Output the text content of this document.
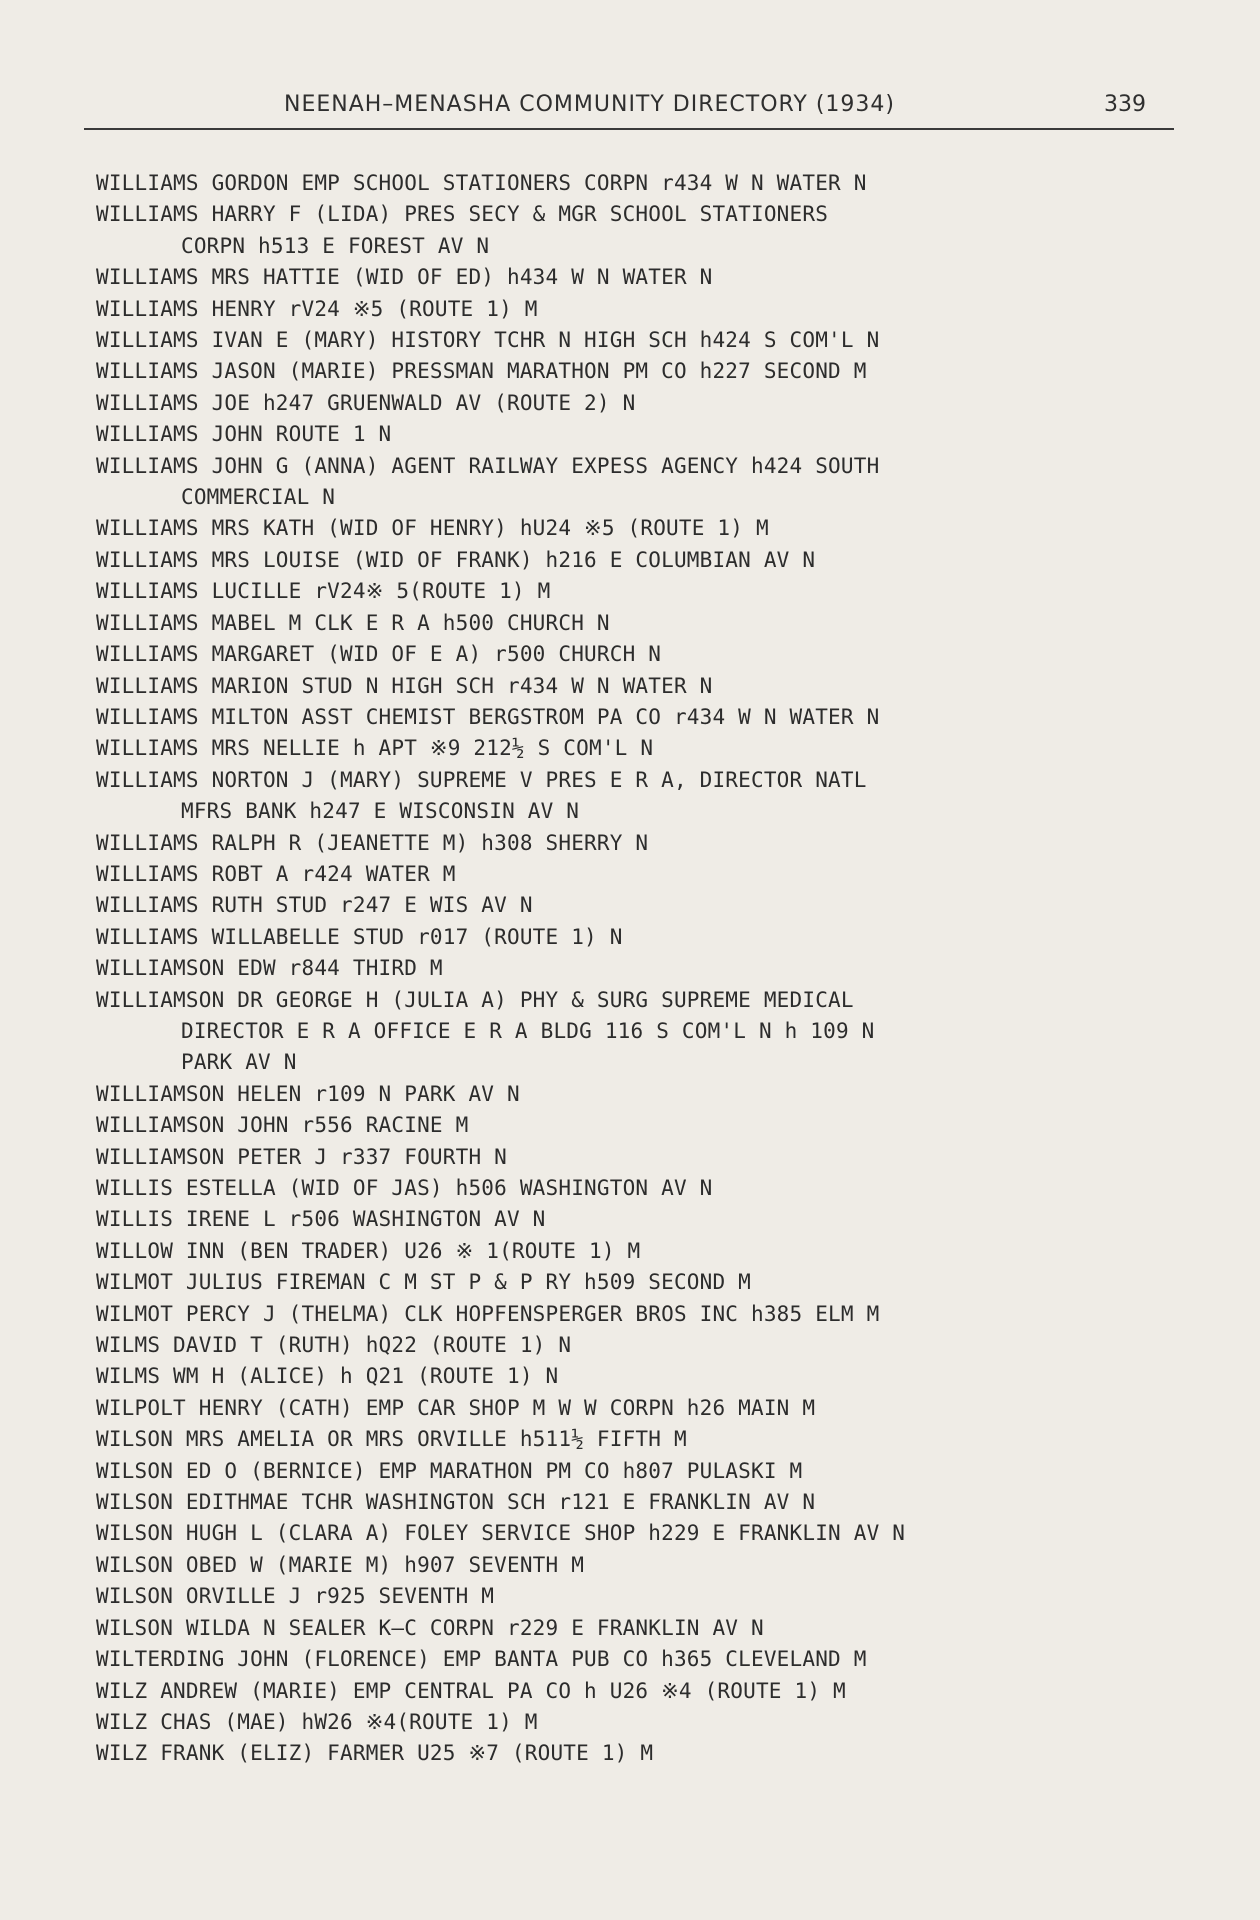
NEENAH–MENASHA COMMUNITY DIRECTORY (1934)	339
WILLIAMS GORDON EMP SCHOOL STATIONERS CORPN r434 W N WATER N
WILLIAMS HARRY F (LIDA) PRES SECY & MGR SCHOOL STATIONERS
CORPN h513 E FOREST AV N
WILLIAMS MRS HATTIE (WID OF ED) h434 W N WATER N
WILLIAMS HENRY rV24 ※5 (ROUTE 1) M
WILLIAMS IVAN E (MARY) HISTORY TCHR N HIGH SCH h424 S COM'L N
WILLIAMS JASON (MARIE) PRESSMAN MARATHON PM CO h227 SECOND M
WILLIAMS JOE h247 GRUENWALD AV (ROUTE 2) N
WILLIAMS JOHN ROUTE 1 N
WILLIAMS JOHN G (ANNA) AGENT RAILWAY EXPESS AGENCY h424 SOUTH
COMMERCIAL N
WILLIAMS MRS KATH (WID OF HENRY) hU24 ※5 (ROUTE 1) M
WILLIAMS MRS LOUISE (WID OF FRANK) h216 E COLUMBIAN AV N
WILLIAMS LUCILLE rV24※ 5(ROUTE 1) M
WILLIAMS MABEL M CLK E R A h500 CHURCH N
WILLIAMS MARGARET (WID OF E A) r500 CHURCH N
WILLIAMS MARION STUD N HIGH SCH r434 W N WATER N
WILLIAMS MILTON ASST CHEMIST BERGSTROM PA CO r434 W N WATER N
WILLIAMS MRS NELLIE h APT ※9 212½ S COM'L N
WILLIAMS NORTON J (MARY) SUPREME V PRES E R A, DIRECTOR NATL
MFRS BANK h247 E WISCONSIN AV N
WILLIAMS RALPH R (JEANETTE M) h308 SHERRY N
WILLIAMS ROBT A r424 WATER M
WILLIAMS RUTH STUD r247 E WIS AV N
WILLIAMS WILLABELLE STUD r017 (ROUTE 1) N
WILLIAMSON EDW r844 THIRD M
WILLIAMSON DR GEORGE H (JULIA A) PHY & SURG SUPREME MEDICAL
DIRECTOR E R A OFFICE E R A BLDG 116 S COM'L N h 109 N
PARK AV N
WILLIAMSON HELEN r109 N PARK AV N
WILLIAMSON JOHN r556 RACINE M
WILLIAMSON PETER J r337 FOURTH N
WILLIS ESTELLA (WID OF JAS) h506 WASHINGTON AV N
WILLIS IRENE L r506 WASHINGTON AV N
WILLOW INN (BEN TRADER) U26 ※ 1(ROUTE 1) M
WILMOT JULIUS FIREMAN C M ST P & P RY h509 SECOND M
WILMOT PERCY J (THELMA) CLK HOPFENSPERGER BROS INC h385 ELM M
WILMS DAVID T (RUTH) hQ22 (ROUTE 1) N
WILMS WM H (ALICE) h Q21 (ROUTE 1) N
WILPOLT HENRY (CATH) EMP CAR SHOP M W W CORPN h26 MAIN M
WILSON MRS AMELIA OR MRS ORVILLE h511½ FIFTH M
WILSON ED O (BERNICE) EMP MARATHON PM CO h807 PULASKI M
WILSON EDITHMAE TCHR WASHINGTON SCH r121 E FRANKLIN AV N
WILSON HUGH L (CLARA A) FOLEY SERVICE SHOP h229 E FRANKLIN AV N
WILSON OBED W (MARIE M) h907 SEVENTH M
WILSON ORVILLE J r925 SEVENTH M
WILSON WILDA N SEALER K–C CORPN r229 E FRANKLIN AV N
WILTERDING JOHN (FLORENCE) EMP BANTA PUB CO h365 CLEVELAND M
WILZ ANDREW (MARIE) EMP CENTRAL PA CO h U26 ※4 (ROUTE 1) M
WILZ CHAS (MAE) hW26 ※4(ROUTE 1) M
WILZ FRANK (ELIZ) FARMER U25 ※7 (ROUTE 1) M
